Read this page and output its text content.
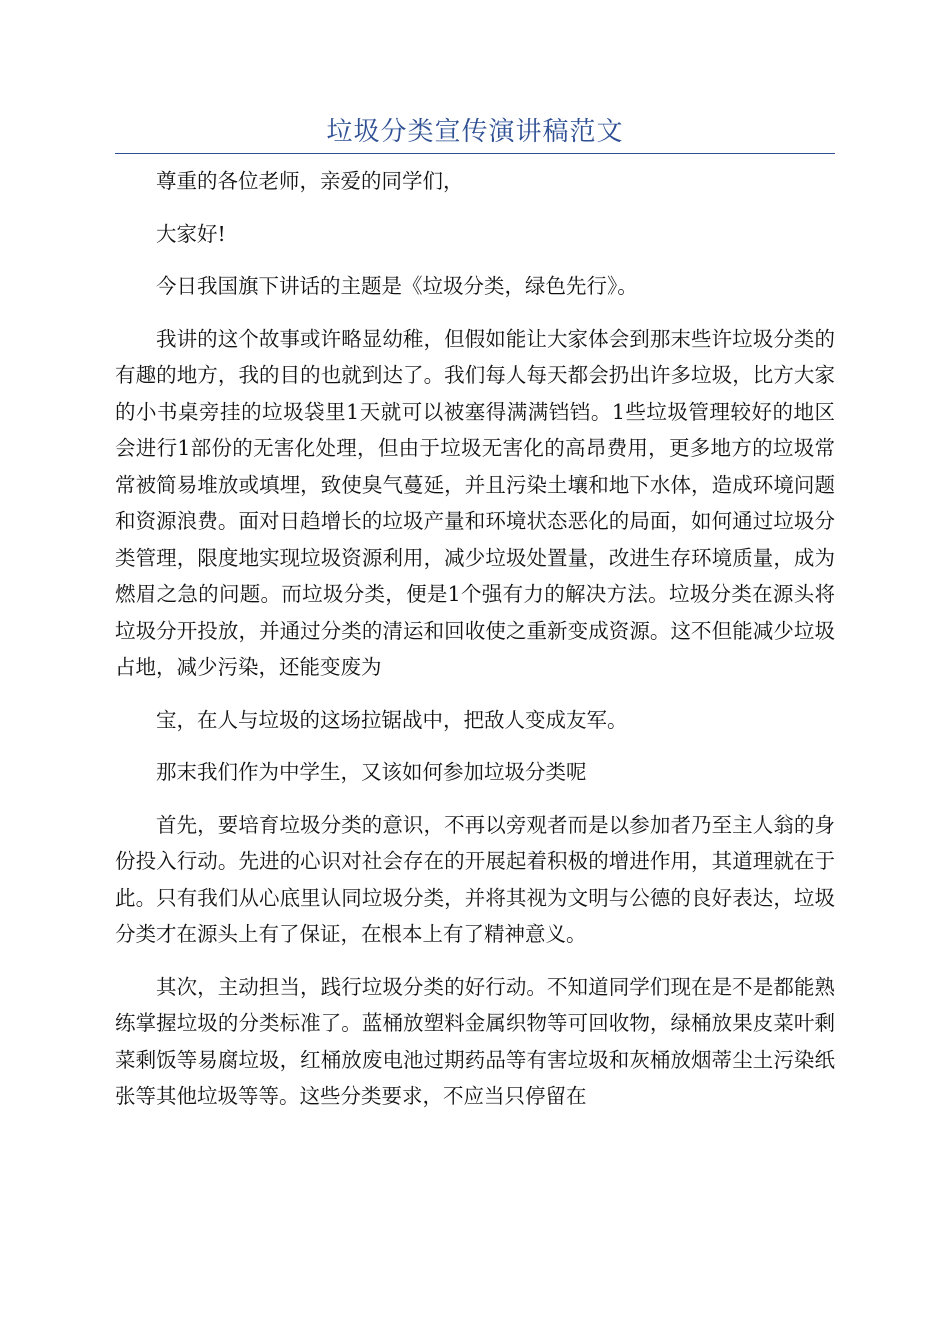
垃圾分类宣传演讲稿范文

尊重的各位老师，亲爱的同学们，

大家好!

今日我国旗下讲话的主题是《垃圾分类，绿色先行》。

我讲的这个故事或许略显幼稚，但假如能让大家体会到那末些许垃圾分类的有趣的地方，我的目的也就到达了。我们每人每天都会扔出许多垃圾，比方大家的小书桌旁挂的垃圾袋里1天就可以被塞得满满铛铛。1些垃圾管理较好的地区会进行1部份的无害化处理，但由于垃圾无害化的高昂费用，更多地方的垃圾常常被简易堆放或填埋，致使臭气蔓延，并且污染土壤和地下水体，造成环境问题和资源浪费。面对日趋增长的垃圾产量和环境状态恶化的局面，如何通过垃圾分类管理，限度地实现垃圾资源利用，减少垃圾处置量，改进生存环境质量，成为燃眉之急的问题。而垃圾分类，便是1个强有力的解决方法。垃圾分类在源头将垃圾分开投放，并通过分类的清运和回收使之重新变成资源。这不但能减少垃圾占地，减少污染，还能变废为

宝，在人与垃圾的这场拉锯战中，把敌人变成友军。

那末我们作为中学生，又该如何参加垃圾分类呢

首先，要培育垃圾分类的意识，不再以旁观者而是以参加者乃至主人翁的身份投入行动。先进的心识对社会存在的开展起着积极的增进作用，其道理就在于此。只有我们从心底里认同垃圾分类，并将其视为文明与公德的良好表达，垃圾分类才在源头上有了保证，在根本上有了精神意义。

其次，主动担当，践行垃圾分类的好行动。不知道同学们现在是不是都能熟练掌握垃圾的分类标准了。蓝桶放塑料金属织物等可回收物，绿桶放果皮菜叶剩菜剩饭等易腐垃圾，红桶放废电池过期药品等有害垃圾和灰桶放烟蒂尘土污染纸张等其他垃圾等等。这些分类要求，不应当只停留在
